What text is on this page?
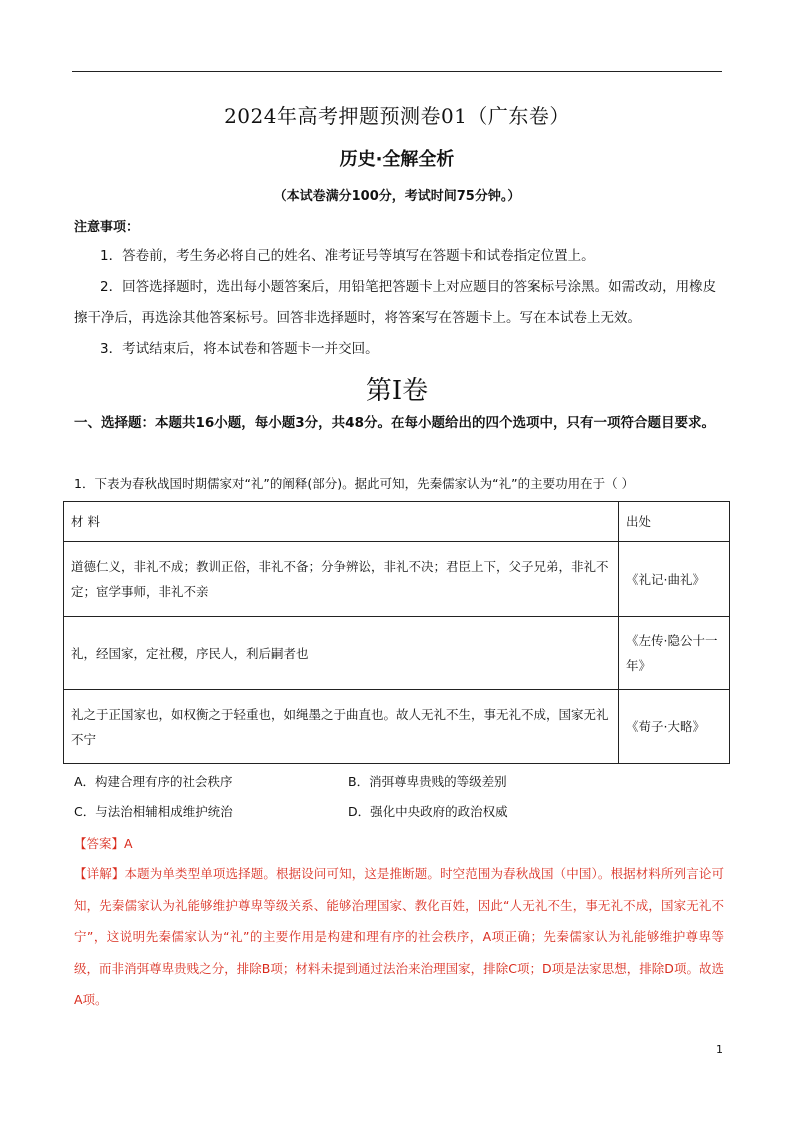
2024年高考押题预测卷01（广东卷）
历史·全解全析
（本试卷满分100分，考试时间75分钟。）
注意事项：

1．答卷前，考生务必将自己的姓名、准考证号等填写在答题卡和试卷指定位置上。

2．回答选择题时，选出每小题答案后，用铅笔把答题卡上对应题目的答案标号涂黑。如需改动，用橡皮擦干净后，再选涂其他答案标号。回答非选择题时，将答案写在答题卡上。写在本试卷上无效。

3．考试结束后，将本试卷和答题卡一并交回。

第I卷
一、选择题：本题共16小题，每小题3分，共48分。在每小题给出的四个选项中，只有一项符合题目要求。
1．下表为春秋战国时期儒家对“礼”的阐释(部分)。据此可知，先秦儒家认为“礼”的主要功用在于（ ）
材 料	出处
道德仁义，非礼不成；教训正俗，非礼不备；分争辨讼，非礼不决；君臣上下，父子兄弟，非礼不定；宦学事师，非礼不亲	《礼记·曲礼》
礼，经国家，定社稷，序民人，利后嗣者也	《左传·隐公十一年》
礼之于正国家也，如权衡之于轻重也，如绳墨之于曲直也。故人无礼不生，事无礼不成，国家无礼不宁	《荀子·大略》
A．构建合理有序的社会秩序	B．消弭尊卑贵贱的等级差别
C．与法治相辅相成维护统治	D．强化中央政府的政治权威
【答案】A
【详解】本题为单类型单项选择题。根据设问可知，这是推断题。时空范围为春秋战国（中国）。根据材料所列言论可知，先秦儒家认为礼能够维护尊卑等级关系、能够治理国家、教化百姓，因此“人无礼不生，事无礼不成，国家无礼不宁”，这说明先秦儒家认为“礼”的主要作用是构建和理有序的社会秩序，A项正确；先秦儒家认为礼能够维护尊卑等级，而非消弭尊卑贵贱之分，排除B项；材料未提到通过法治来治理国家，排除C项；D项是法家思想，排除D项。故选A项。
1
